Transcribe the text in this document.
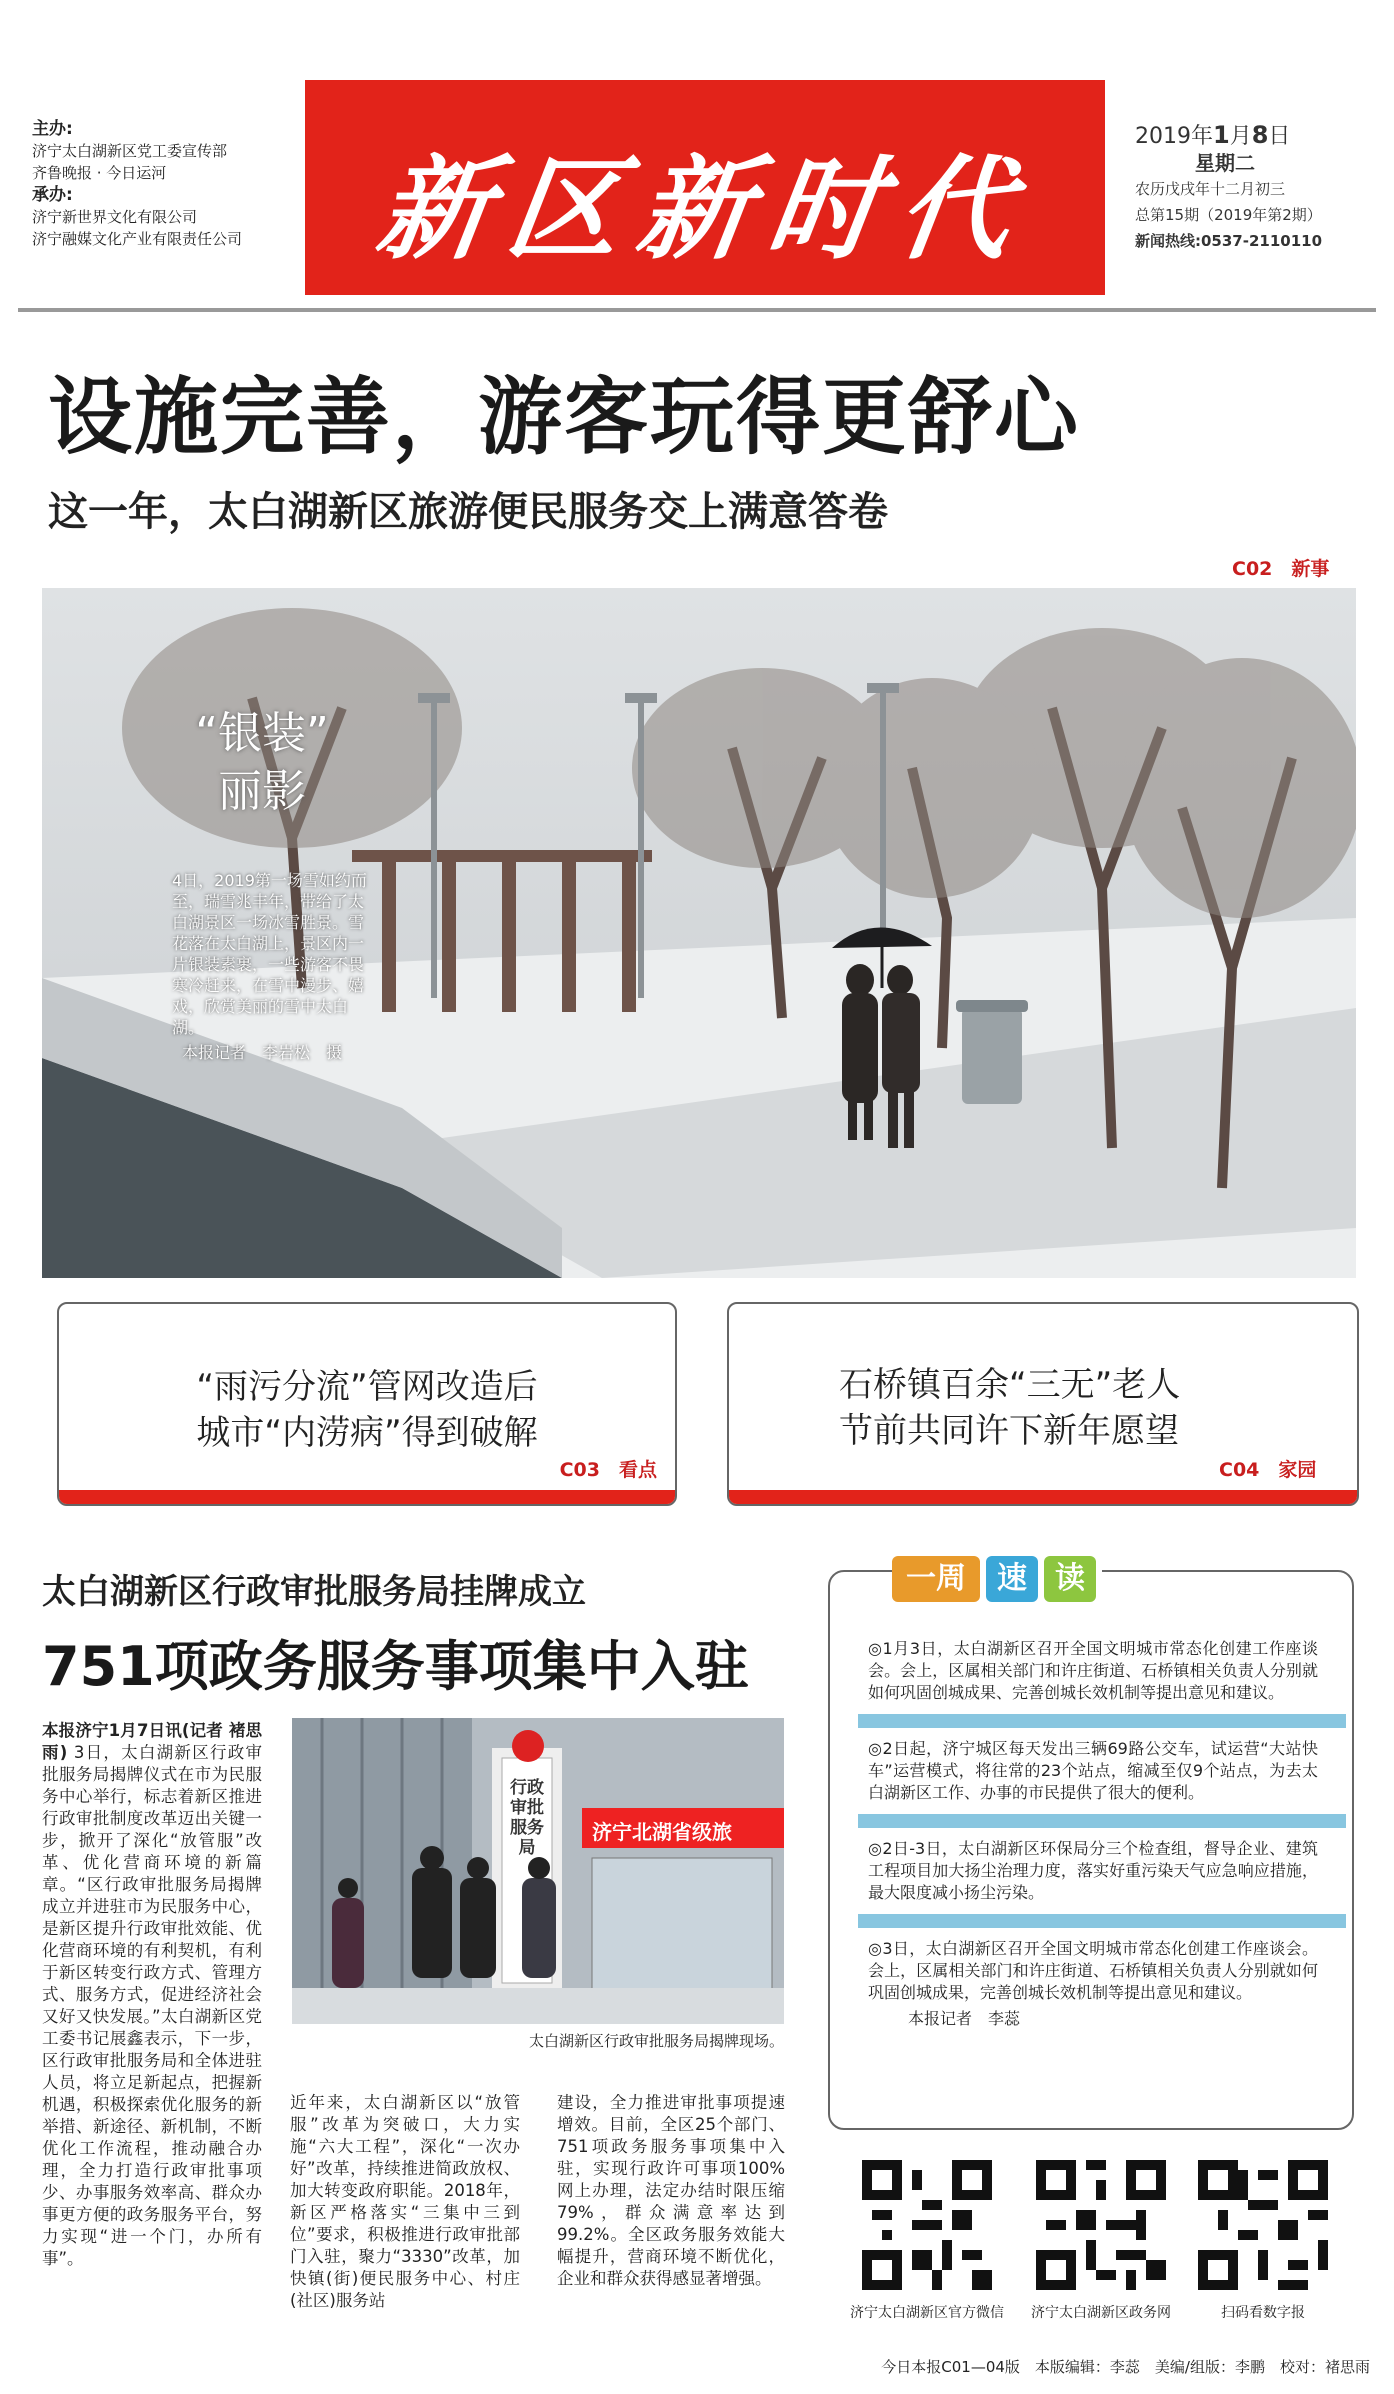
主办:
济宁太白湖新区党工委宣传部
齐鲁晚报 · 今日运河
承办:
济宁新世界文化有限公司
济宁融媒文化产业有限责任公司	新区新时代
2019年1月8日
星期二
农历戊戌年十二月初三
总第15期（2019年第2期）
新闻热线:0537-2110110
设施完善，游客玩得更舒心
这一年，太白湖新区旅游便民服务交上满意答卷
C02　 新事
“银装”
丽影
4日，2019第一场雪如约而至，瑞雪兆丰年，带给了太白湖景区一场冰雪胜景。雪花落在太白湖上，景区内一片银装素裹，一些游客不畏寒冷赶来，在雪中漫步、嬉戏，欣赏美丽的雪中太白湖。
本报记者　李岩松　摄
“雨污分流”管网改造后
城市“内涝病”得到破解
C03　 看点
石桥镇百余“三无”老人
节前共同许下新年愿望
C04　 家园
太白湖新区行政审批服务局挂牌成立
751项政务服务事项集中入驻
本报济宁1月7日讯(记者 褚思雨) 3日，太白湖新区行政审批服务局揭牌仪式在市为民服务中心举行，标志着新区推进行政审批制度改革迈出关键一步，掀开了深化“放管服”改革、优化营商环境的新篇章。“区行政审批服务局揭牌成立并进驻市为民服务中心，是新区提升行政审批效能、优化营商环境的有利契机，有利于新区转变行政方式、管理方式、服务方式，促进经济社会又好又快发展。”太白湖新区党工委书记展鑫表示，下一步，区行政审批服务局和全体进驻人员，将立足新起点，把握新机遇，积极探索优化服务的新举措、新途径、新机制，不断优化工作流程，推动融合办理，全力打造行政审批事项少、办事服务效率高、群众办事更方便的政务服务平台，努力实现“进一个门，办所有事”。
行政审批服务局
济宁北湖省级旅
太白湖新区行政审批服务局揭牌现场。
近年来，太白湖新区以“放管服”改革为突破口，大力实施“六大工程”，深化“一次办好”改革，持续推进简政放权、加大转变政府职能。2018年，新区严格落实“三集中三到位”要求，积极推进行政审批部门入驻，聚力“3330”改革，加快镇(街)便民服务中心、村庄(社区)服务站
建设，全力推进审批事项提速增效。目前，全区25个部门、751项政务服务事项集中入驻，实现行政许可事项100%网上办理，法定办结时限压缩79%，群众满意率达到99.2%。全区政务服务效能大幅提升，营商环境不断优化，企业和群众获得感显著增强。
一周	速 读
◎1月3日，太白湖新区召开全国文明城市常态化创建工作座谈会。会上，区属相关部门和许庄街道、石桥镇相关负责人分别就如何巩固创城成果、完善创城长效机制等提出意见和建议。
◎2日起，济宁城区每天发出三辆69路公交车，试运营“大站快车”运营模式，将往常的23个站点，缩减至仅9个站点，为去太白湖新区工作、办事的市民提供了很大的便利。
◎2日-3日，太白湖新区环保局分三个检查组，督导企业、建筑工程项目加大扬尘治理力度，落实好重污染天气应急响应措施，最大限度减小扬尘污染。
◎3日，太白湖新区召开全国文明城市常态化创建工作座谈会。会上，区属相关部门和许庄街道、石桥镇相关负责人分别就如何巩固创城成果，完善创城长效机制等提出意见和建议。
本报记者　李蕊
济宁太白湖新区官方微信	济宁太白湖新区政务网	扫码看数字报
今日本报C01—04版　本版编辑：李蕊　美编/组版：李鹏　校对：褚思雨
